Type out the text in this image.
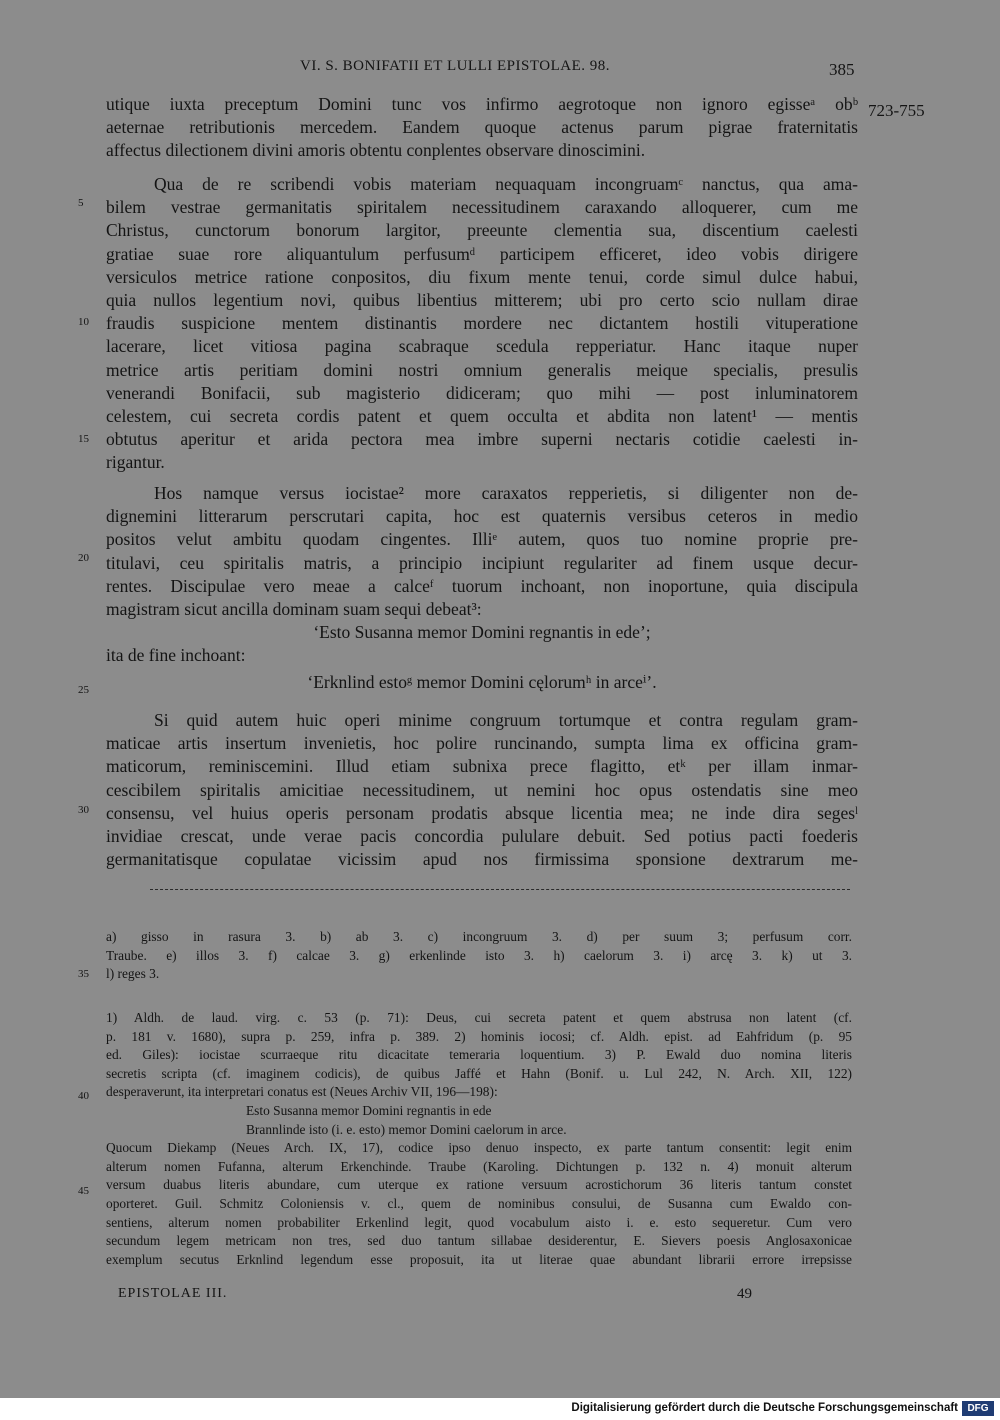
VI. S. BONIFATII ET LULLI EPISTOLAE. 98.	385
723-755
utique iuxta preceptum Domini tunc vos infirmo aegrotoque non ignoro egisseᵃ obᵇ
aeternae retributionis mercedem. Eandem quoque actenus parum pigrae fraternitatis
affectus dilectionem divini amoris obtentu conplentes observare dinoscimini.
Qua de re scribendi vobis materiam nequaquam incongruamᶜ nanctus, qua ama-
bilem vestrae germanitatis spiritalem necessitudinem caraxando alloquerer, cum me
Christus, cunctorum bonorum largitor, preeunte clementia sua, discentium caelesti
gratiae suae rore aliquantulum perfusumᵈ participem efficeret, ideo vobis dirigere
versiculos metrice ratione conpositos, diu fixum mente tenui, corde simul dulce habui,
quia nullos legentium novi, quibus libentius mitterem; ubi pro certo scio nullam dirae
fraudis suspicione mentem distinantis mordere nec dictantem hostili vituperatione
lacerare, licet vitiosa pagina scabraque scedula repperiatur. Hanc itaque nuper
metrice artis peritiam domini nostri omnium generalis meique specialis, presulis
venerandi Bonifacii, sub magisterio didiceram; quo mihi — post inluminatorem
celestem, cui secreta cordis patent et quem occulta et abdita non latent¹ — mentis
obtutus aperitur et arida pectora mea imbre superni nectaris cotidie caelesti in-
rigantur.
Hos namque versus iocistae² more caraxatos repperietis, si diligenter non de-
dignemini litterarum perscrutari capita, hoc est quaternis versibus ceteros in medio
positos velut ambitu quodam cingentes. Illiᵉ autem, quos tuo nomine proprie pre-
titulavi, ceu spiritalis matris, a principio incipiunt regulariter ad finem usque decur-
rentes. Discipulae vero meae a calceᶠ tuorum inchoant, non inoportune, quia discipula
magistram sicut ancilla dominam suam sequi debeat³:
‘Esto Susanna memor Domini regnantis in ede’;
ita de fine inchoant:
‘Erknlind estoᵍ memor Domini cęlorumʰ in arceⁱ’.
Si quid autem huic operi minime congruum tortumque et contra regulam gram-
maticae artis insertum invenietis, hoc polire runcinando, sumpta lima ex officina gram-
maticorum, reminiscemini. Illud etiam subnixa prece flagitto, etᵏ per illam inmar-
cescibilem spiritalis amicitiae necessitudinem, ut nemini hoc opus ostendatis sine meo
consensu, vel huius operis personam prodatis absque licentia mea; ne inde dira segesˡ
invidiae crescat, unde verae pacis concordia pululare debuit. Sed potius pacti foederis
germanitatisque copulatae vicissim apud nos firmissima sponsione dextrarum me-
5
10
15
20
25
30
35
40
45
a) gisso in rasura 3. b) ab 3. c) incongruum 3. d) per suum 3; perfusum corr.
Traube. e) illos 3. f) calcae 3. g) erkenlinde isto 3. h) caelorum 3. i) arcę 3. k) ut 3.
l) reges 3.
1) Aldh. de laud. virg. c. 53 (p. 71): Deus, cui secreta patent et quem abstrusa non latent (cf.
p. 181 v. 1680), supra p. 259, infra p. 389. 2) hominis iocosi; cf. Aldh. epist. ad Eahfridum (p. 95
ed. Giles): iocistae scurraeque ritu dicacitate temeraria loquentium. 3) P. Ewald duo nomina literis
secretis scripta (cf. imaginem codicis), de quibus Jaffé et Hahn (Bonif. u. Lul 242, N. Arch. XII, 122)
desperaverunt, ita interpretari conatus est (Neues Archiv VII, 196—198):
Esto Susanna memor Domini regnantis in ede
Brannlinde isto (i. e. esto) memor Domini caelorum in arce.
Quocum Diekamp (Neues Arch. IX, 17), codice ipso denuo inspecto, ex parte tantum consentit: legit enim
alterum nomen Fufanna, alterum Erkenchinde. Traube (Karoling. Dichtungen p. 132 n. 4) monuit alterum
versum duabus literis abundare, cum uterque ex ratione versuum acrostichorum 36 literis tantum constet
oporteret. Guil. Schmitz Coloniensis v. cl., quem de nominibus consului, de Susanna cum Ewaldo con-
sentiens, alterum nomen probabiliter Erkenlind legit, quod vocabulum aisto i. e. esto sequeretur. Cum vero
secundum legem metricam non tres, sed duo tantum sillabae desiderentur, E. Sievers poesis Anglosaxonicae
exemplum secutus Erknlind legendum esse proposuit, ita ut literae quae abundant librarii errore irrepsisse
EPISTOLAE III.	49
Digitalisierung gefördert durch die Deutsche Forschungsgemeinschaft DFG
